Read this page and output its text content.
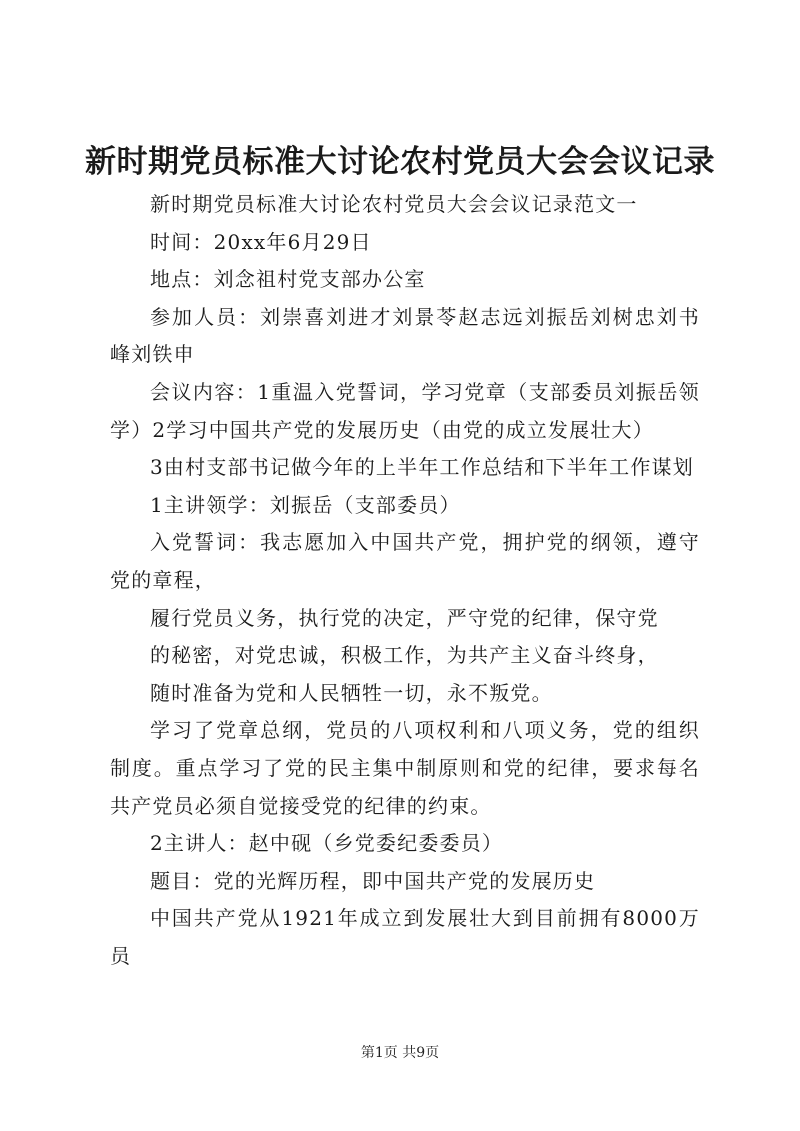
新时期党员标准大讨论农村党员大会会议记录

新时期党员标准大讨论农村党员大会会议记录范文一

时间：20xx年6月29日

地点：刘念祖村党支部办公室

参加人员：刘崇喜刘进才刘景苓赵志远刘振岳刘树忠刘书峰刘铁申

会议内容：1重温入党誓词，学习党章（支部委员刘振岳领学）2学习中国共产党的发展历史（由党的成立发展壮大）

3由村支部书记做今年的上半年工作总结和下半年工作谋划

1主讲领学：刘振岳（支部委员）

入党誓词：我志愿加入中国共产党，拥护党的纲领，遵守党的章程，

履行党员义务，执行党的决定，严守党的纪律，保守党

的秘密，对党忠诚，积极工作，为共产主义奋斗终身，

随时准备为党和人民牺牲一切，永不叛党。

学习了党章总纲，党员的八项权利和八项义务，党的组织制度。重点学习了党的民主集中制原则和党的纪律，要求每名共产党员必须自觉接受党的纪律的约束。

2主讲人：赵中砚（乡党委纪委委员）

题目：党的光辉历程，即中国共产党的发展历史

中国共产党从1921年成立到发展壮大到目前拥有8000万员

第1页 共9页
